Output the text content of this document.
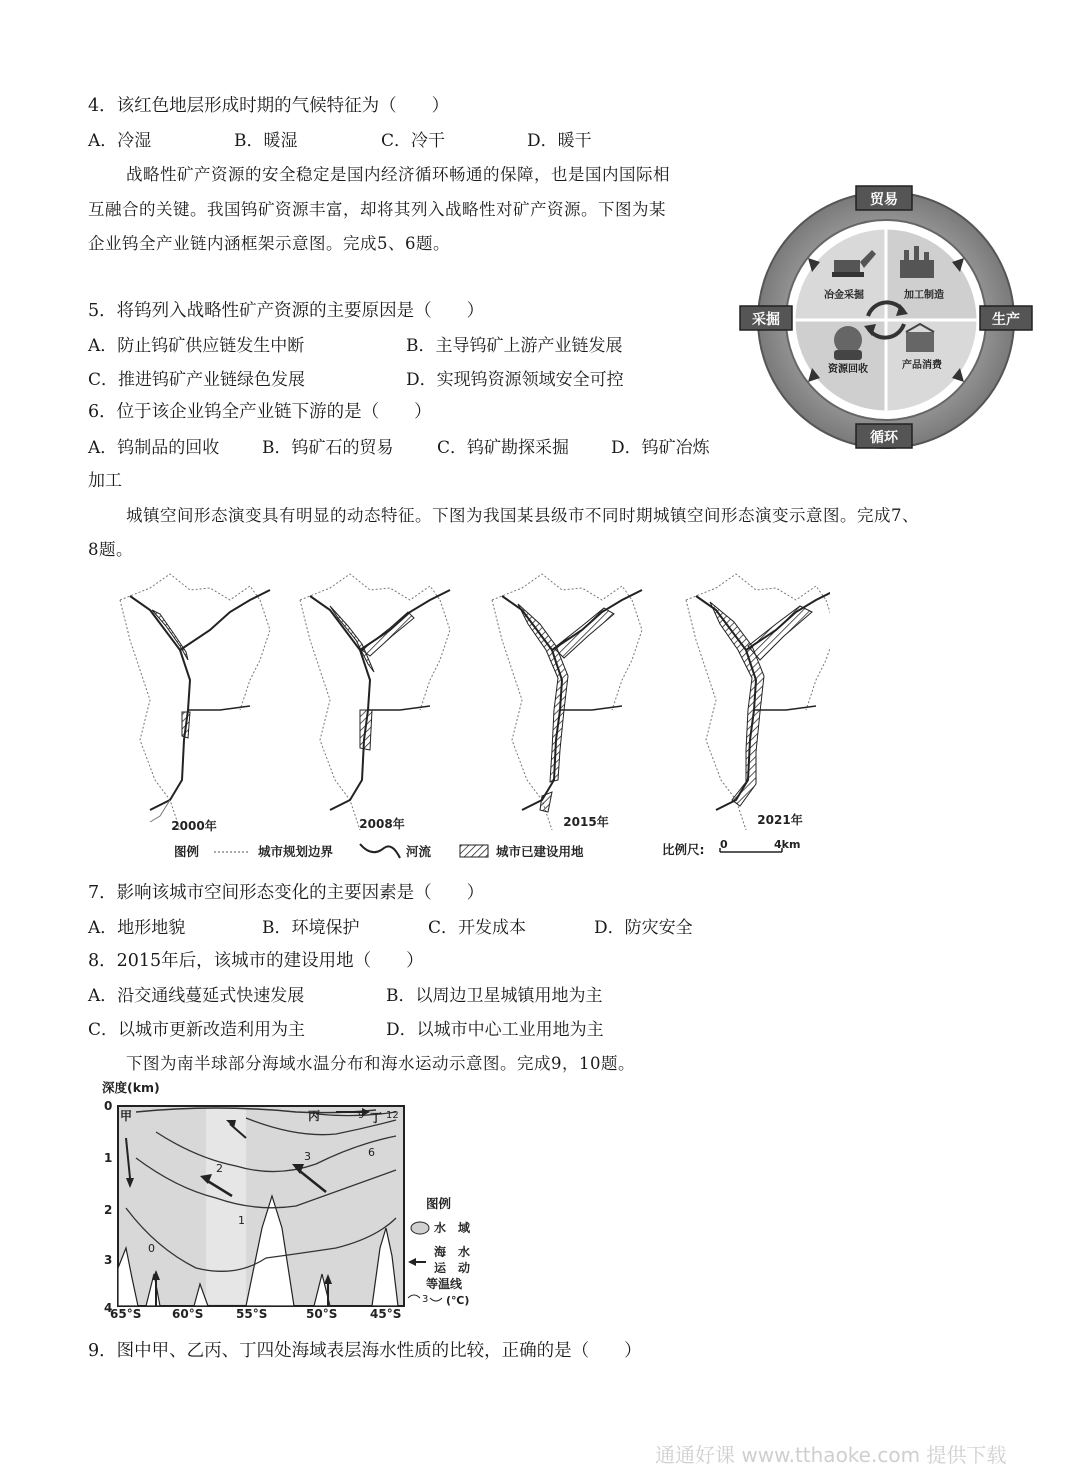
4．该红色地层形成时期的气候特征为（　　）
A．冷湿	B．暖湿	C．冷干	D．暖干
战略性矿产资源的安全稳定是国内经济循环畅通的保障，也是国内国际相
互融合的关键。我国钨矿资源丰富，却将其列入战略性对矿产资源。下图为某
企业钨全产业链内涵框架示意图。完成5、6题。
贸易
生产
循环
采掘
冶金采掘	加工制造
资源回收	产品消费
5．将钨列入战略性矿产资源的主要原因是（　　）
A．防止钨矿供应链发生中断	B．主导钨矿上游产业链发展
C．推进钨矿产业链绿色发展	D．实现钨资源领域安全可控
6．位于该企业钨全产业链下游的是（　　）
A．钨制品的回收	B．钨矿石的贸易	C．钨矿勘探采掘 D．钨矿冶炼
加工
城镇空间形态演变具有明显的动态特征。下图为我国某县级市不同时期城镇空间形态演变示意图。完成7、
8题。
2000年	2008年	2015年	2021年
图例	城市规划边界	河流	城市已建设用地	比例尺: 0	4km
7．影响该城市空间形态变化的主要因素是（　　）
A．地形地貌	B．环境保护	C．开发成本	D．防灾安全
8．2015年后，该城市的建设用地（　　）
A．沿交通线蔓延式快速发展	B．以周边卫星城镇用地为主
C．以城市更新改造利用为主	D．以城市中心工业用地为主
下图为南半球部分海域水温分布和海水运动示意图。完成9，10题。
深度(km)
0
1
2
3	6
9 12
甲	丙	丁
0
1
2
3
4
65°S	60°S	55°S	50°S	45°S
图例
水　域
海　水
运　动
等温线
3 (℃)
9．图中甲、乙丙、丁四处海域表层海水性质的比较，正确的是（　　）
通通好课 www.tthaoke.com 提供下载
